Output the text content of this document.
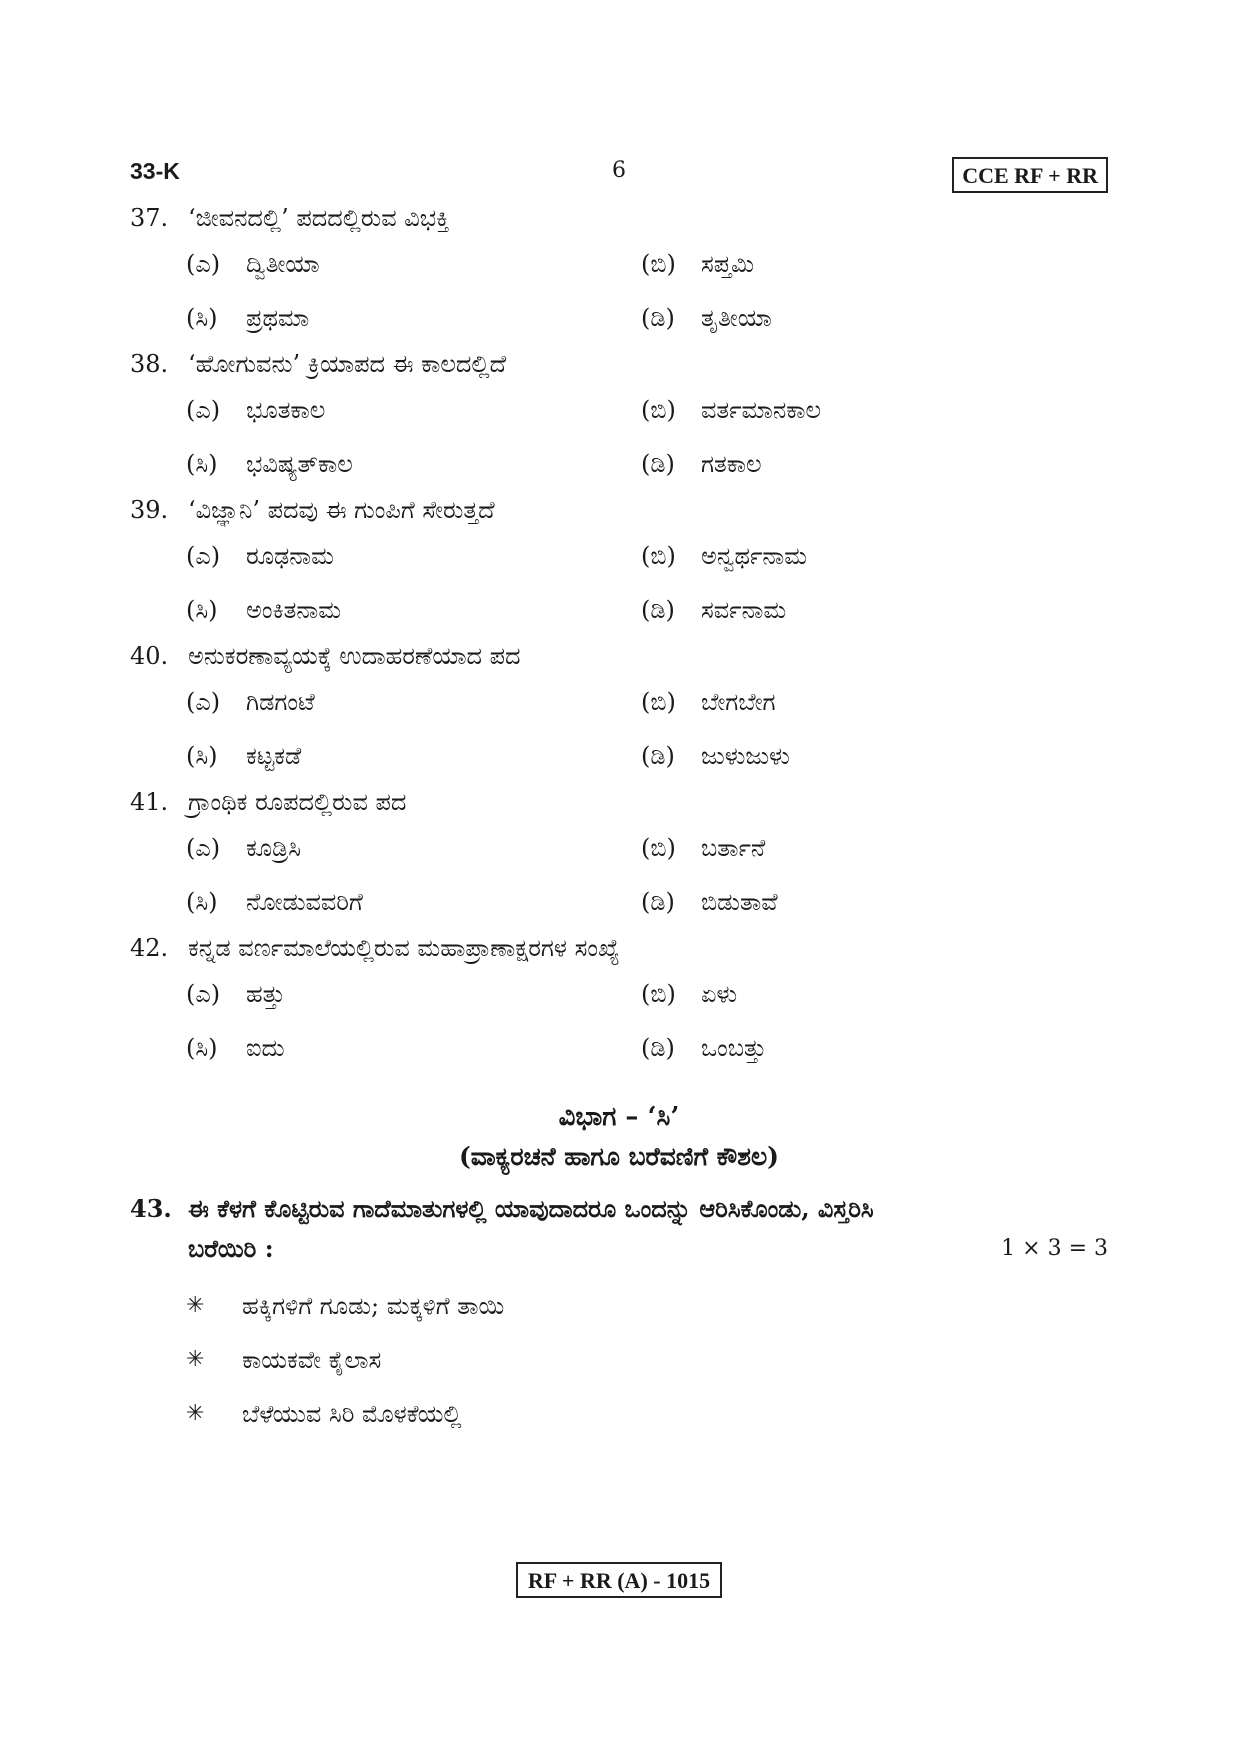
33-K	6	CCE RF + RR
37. ‘ಜೀವನದಲ್ಲಿ’ ಪದದಲ್ಲಿರುವ ವಿಭಕ್ತಿ
(ಎ)	ದ್ವಿತೀಯಾ	(ಬಿ)	ಸಪ್ತಮಿ
(ಸಿ)	ಪ್ರಥಮಾ	(ಡಿ)	ತೃತೀಯಾ
38. ‘ಹೋಗುವನು’ ಕ್ರಿಯಾಪದ ಈ ಕಾಲದಲ್ಲಿದೆ
(ಎ)	ಭೂತಕಾಲ	(ಬಿ)	ವರ್ತಮಾನಕಾಲ
(ಸಿ)	ಭವಿಷ್ಯತ್‌ಕಾಲ	(ಡಿ)	ಗತಕಾಲ
39. ‘ವಿಜ್ಞಾನಿ’ ಪದವು ಈ ಗುಂಪಿಗೆ ಸೇರುತ್ತದೆ
(ಎ)	ರೂಢನಾಮ	(ಬಿ)	ಅನ್ವರ್ಥನಾಮ
(ಸಿ)	ಅಂಕಿತನಾಮ	(ಡಿ)	ಸರ್ವನಾಮ
40. ಅನುಕರಣಾವ್ಯಯಕ್ಕೆ ಉದಾಹರಣೆಯಾದ ಪದ
(ಎ)	ಗಿಡಗಂಟೆ	(ಬಿ)	ಬೇಗಬೇಗ
(ಸಿ)	ಕಟ್ಟಕಡೆ	(ಡಿ)	ಜುಳುಜುಳು
41. ಗ್ರಾಂಥಿಕ ರೂಪದಲ್ಲಿರುವ ಪದ
(ಎ)	ಕೂಡ್ರಿಸಿ	(ಬಿ)	ಬರ್ತಾನೆ
(ಸಿ)	ನೋಡುವವರಿಗೆ	(ಡಿ)	ಬಿಡುತಾವೆ
42. ಕನ್ನಡ ವರ್ಣಮಾಲೆಯಲ್ಲಿರುವ ಮಹಾಪ್ರಾಣಾಕ್ಷರಗಳ ಸಂಖ್ಯೆ
(ಎ)	ಹತ್ತು	(ಬಿ)	ಏಳು
(ಸಿ)	ಐದು	(ಡಿ)	ಒಂಬತ್ತು
ವಿಭಾಗ – ‘ಸಿ’
(ವಾಕ್ಯರಚನೆ ಹಾಗೂ ಬರೆವಣಿಗೆ ಕೌಶಲ)
43. ಈ ಕೆಳಗೆ ಕೊಟ್ಟಿರುವ ಗಾದೆಮಾತುಗಳಲ್ಲಿ ಯಾವುದಾದರೂ ಒಂದನ್ನು ಆರಿಸಿಕೊಂಡು, ವಿಸ್ತರಿಸಿ
ಬರೆಯಿರಿ :	1 × 3 = 3
✳	ಹಕ್ಕಿಗಳಿಗೆ ಗೂಡು; ಮಕ್ಕಳಿಗೆ ತಾಯಿ
✳	ಕಾಯಕವೇ ಕೈಲಾಸ
✳	ಬೆಳೆಯುವ ಸಿರಿ ಮೊಳಕೆಯಲ್ಲಿ
RF + RR (A) - 1015
